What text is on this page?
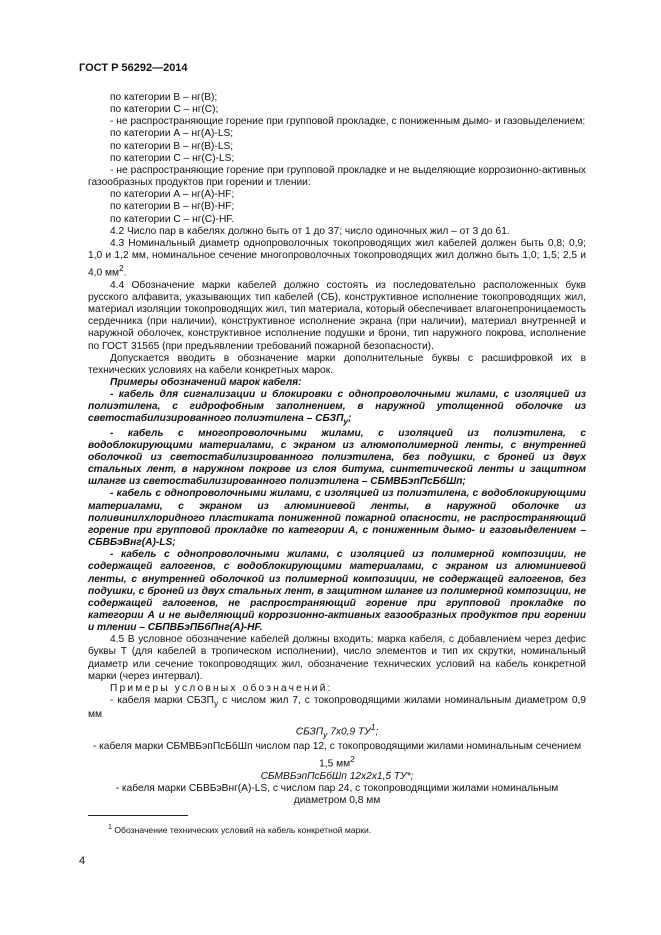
ГОСТ Р 56292—2014

по категории В – нг(В);

по категории С – нг(С);

- не распространяющие горение при групповой прокладке, с пониженным дымо- и газовыделением:

по категории А – нг(А)-LS;

по категории В – нг(В)-LS;

по категории С – нг(С)-LS;

- не распространяющие горение при групповой прокладке и не выделяющие коррозионно-активных газообразных продуктов при горении и тлении:

по категории А – нг(А)-HF;

по категории В – нг(В)-HF;

по категории С – нг(С)-HF.

4.2 Число пар в кабелях должно быть от 1 до 37; число одиночных жил – от 3 до 61.

4.3 Номинальный диаметр однопроволочных токопроводящих жил кабелей должен быть 0,8; 0,9; 1,0 и 1,2 мм, номинальное сечение многопроволочных токопроводящих жил должно быть 1,0; 1,5; 2,5 и 4,0 $мм^2$.

4.4 Обозначение марки кабелей должно состоять из последовательно расположенных букв русского алфавита, указывающих тип кабелей (СБ), конструктивное исполнение токопроводящих жил, материал изоляции токопроводящих жил, тип материала, который обеспечивает влагонепроницаемость сердечника (при наличии), конструктивное исполнение экрана (при наличии), материал внутренней и наружной оболочек, конструктивное исполнение подушки и брони, тип наружного покрова, исполнение по ГОСТ 31565 (при предъявлении требований пожарной безопасности).

Допускается вводить в обозначение марки дополнительные буквы с расшифровкой их в технических условиях на кабели конкретных марок.

Примеры обозначений марок кабеля:

- кабель для сигнализации и блокировки с однопроволочными жилами, с изоляцией из полиэтилена, с гидрофобным заполнением, в наружной утолщенной оболочке из светостабилизированного полиэтилена – $СБЗП_у$;

- кабель с многопроволочными жилами, с изоляцией из полиэтилена, с водоблокирующими материалами, с экраном из алюмополимерной ленты, с внутренней оболочкой из светостабилизированного полиэтилена, без подушки, с броней из двух стальных лент, в наружном покрове из слоя битума, синтетической ленты и защитном шланге из светостабилизированного полиэтилена – СБМВБэпПсБбШп;

- кабель с однопроволочными жилами, с изоляцией из полиэтилена, с водоблокирующими материалами, с экраном из алюминиевой ленты, в наружной оболочке из поливинилхлоридного пластиката пониженной пожарной опасности, не распространяющий горение при групповой прокладке по категории А, с пониженным дымо- и газовыделением – СБВБэВнг(А)-LS;

- кабель с однопроволочными жилами, с изоляцией из полимерной композиции, не содержащей галогенов, с водоблокирующими материалами, с экраном из алюминиевой ленты, с внутренней оболочкой из полимерной композиции, не содержащей галогенов, без подушки, с броней из двух стальных лент, в защитном шланге из полимерной композиции, не содержащей галогенов, не распространяющий горение при групповой прокладке по категории А и не выделяющий коррозионно-активных газообразных продуктов при горении и тлении – СБПВБэПБбПнг(А)-HF.

4.5 В условное обозначение кабелей должны входить: марка кабеля, с добавлением через дефис буквы Т (для кабелей в тропическом исполнении), число элементов и тип их скрутки, номинальный диаметр или сечение токопроводящих жил, обозначение технических условий на кабель конкретной марки (через интервал).

Примеры условных обозначений:

- кабеля марки $СБЗП_у$ с числом жил 7, с токопроводящими жилами номинальным диаметром 0,9 мм

$СБЗП_у$ 7х0,9 $ТУ^1$;

- кабеля марки СБМВБэпПсБбШп числом пар 12, с токопроводящими жилами номинальным сечением 1,5 $мм^2$

СБМВБэпПсБбШп 12х2х1,5 ТУ*;

- кабеля марки СБВБэВнг(А)-LS, с числом пар 24, с токопроводящими жилами номинальным диаметром 0,8 мм

$^1$ Обозначение технических условий на кабель конкретной марки.
4
